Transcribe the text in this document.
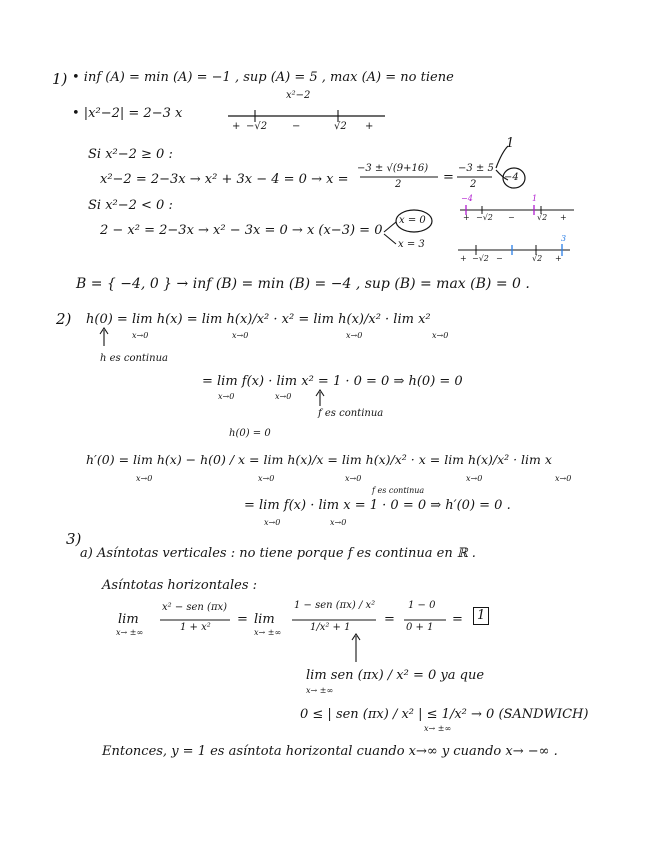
1) • inf (A) = min (A) = −1 , sup (A) = 5 , max (A) = no tiene
• |x²−2| = 2−3 x
x²−2
+ −√2 −	√2 +
Si x²−2 ≥ 0 :
x²−2 = 2−3x → x² + 3x − 4 = 0 → x =
−3 ± √(9+16)
2	=
−3 ± 5
2
1
−4
−4	1
+ −√2 −	√2 +
Si x²−2 < 0 :
2 − x² = 2−3x → x² − 3x = 0 → x (x−3) = 0
x = 0
x = 3
3
+ −√2 −	√2 +
B = { −4, 0 } → inf (B) = min (B) = −4 , sup (B) = max (B) = 0 .
2) h(0) = lim h(x) = lim h(x)/x² · x² = lim h(x)/x² · lim x²
x→0	x→0	x→0	x→0
h es continua
= lim f(x) · lim x² = 1 · 0 = 0 ⇒ h(0) = 0
x→0	x→0
f es continua
h(0) = 0
h′(0) = lim h(x) − h(0) / x = lim h(x)/x = lim h(x)/x² · x = lim h(x)/x² · lim x
x→0	x→0	x→0	x→0	x→0
f es continua
= lim f(x) · lim x = 1 · 0 = 0 ⇒ h′(0) = 0 .
x→0	x→0
3)
a) Asíntotas verticales : no tiene porque f es continua en ℝ .
Asíntotas horizontales :
lim
x→ ±∞
x² − sen (πx)
1 + x²
= lim
x→ ±∞
1 − sen (πx) / x²
1/x² + 1
=
1 − 0
0 + 1
=	1
lim sen (πx) / x² = 0 ya que
x→ ±∞
0 ≤ | sen (πx) / x² | ≤ 1/x² → 0 (SANDWICH)
x→ ±∞
Entonces, y = 1 es asíntota horizontal cuando x→∞ y cuando x→ −∞ .
